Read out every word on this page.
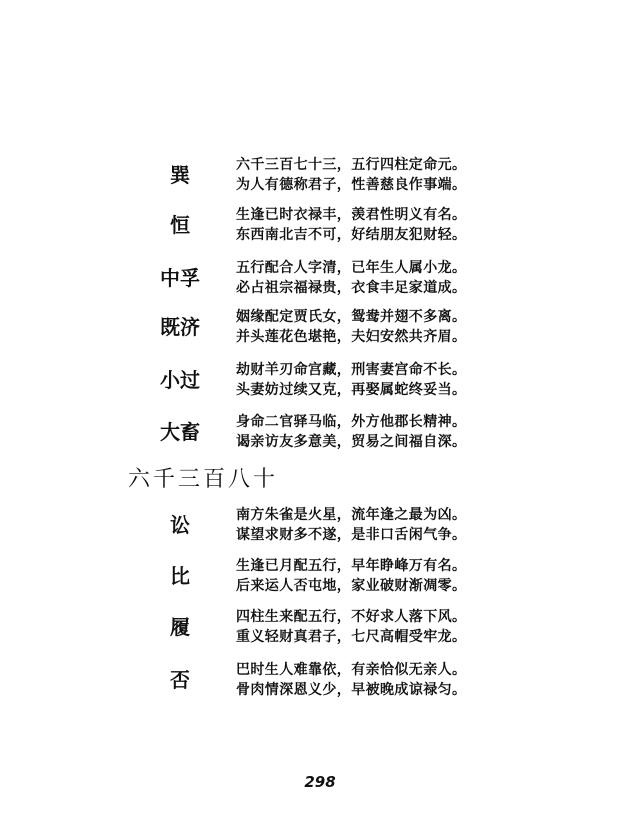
巽	六千三百七十三，五行四柱定命元。
为人有德称君子，性善慈良作事端。
恒	生逢已时衣禄丰，羡君性明义有名。
东西南北吉不可，好结朋友犯财轻。
中孚	五行配合人字清，已年生人属小龙。
必占祖宗福禄贵，衣食丰足家道成。
既济	姻缘配定贾氏女，鸳鸯并翅不多离。
并头莲花色堪艳，夫妇安然共齐眉。
小过	劫财羊刃命宫藏，刑害妻宫命不长。
头妻妨过续又克，再娶属蛇终妥当。
大畜	身命二官驿马临，外方他郡长精神。
谒亲访友多意美，贸易之间福自深。
六千三百八十
讼	南方朱雀是火星，流年逢之最为凶。
谋望求财多不遂，是非口舌闲气争。
比	生逢已月配五行，早年睁峰万有名。
后来运人否屯地，家业破财渐凋零。
履	四柱生来配五行，不好求人落下风。
重义轻财真君子，七尺高帽受牢龙。
否	巴时生人难靠依，有亲恰似无亲人。
骨肉情深恩义少，早被晚成谅禄匀。
298
